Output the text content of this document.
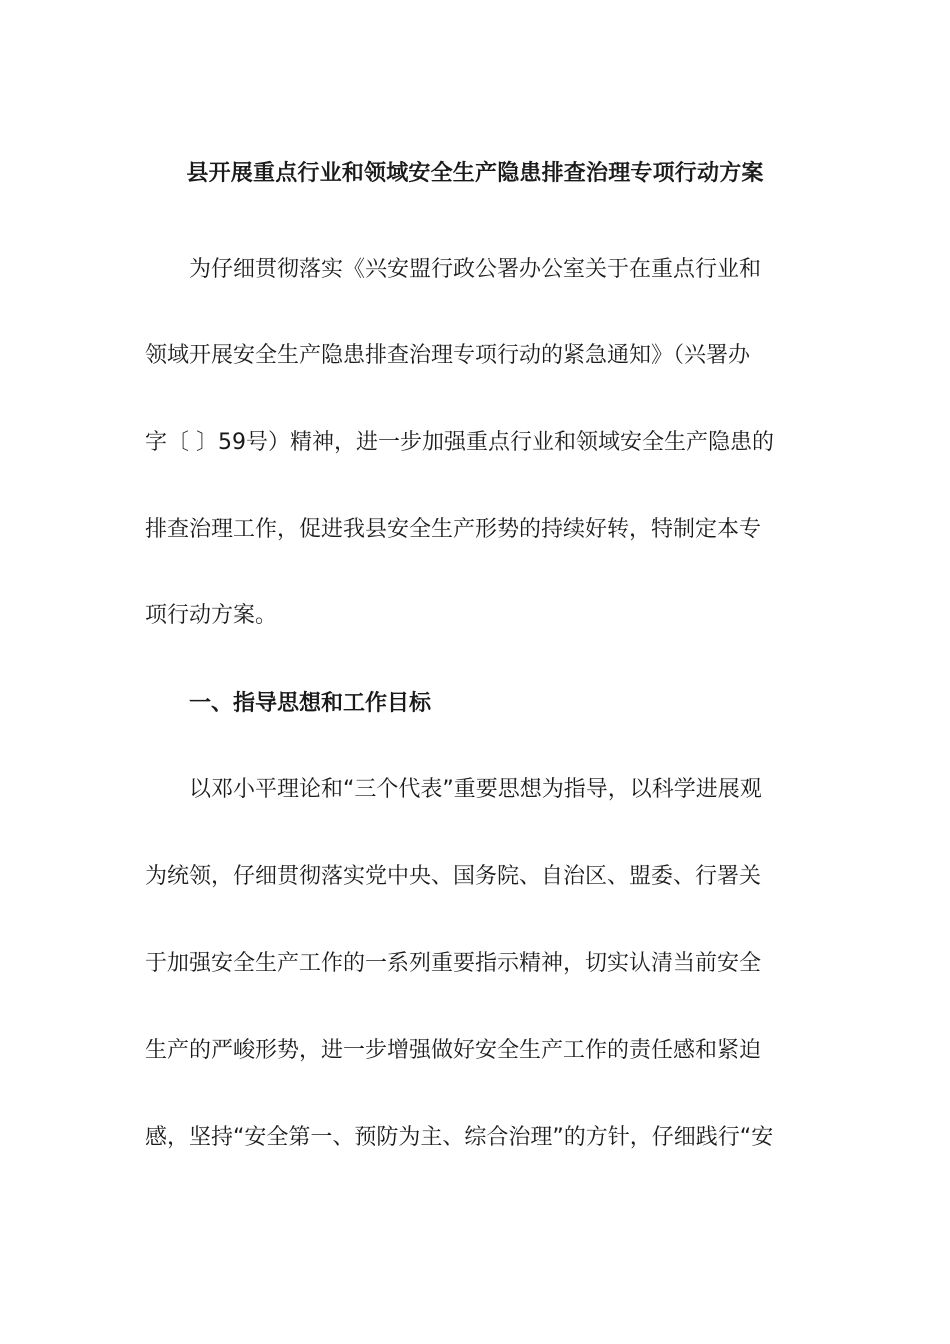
县开展重点行业和领域安全生产隐患排查治理专项行动方案
为仔细贯彻落实《兴安盟行政公署办公室关于在重点行业和
领域开展安全生产隐患排查治理专项行动的紧急通知》（兴署办
字〔 〕59号）精神，进一步加强重点行业和领域安全生产隐患的
排查治理工作，促进我县安全生产形势的持续好转，特制定本专
项行动方案。
一、指导思想和工作目标
以邓小平理论和“三个代表”重要思想为指导，以科学进展观
为统领，仔细贯彻落实党中央、国务院、自治区、盟委、行署关
于加强安全生产工作的一系列重要指示精神，切实认清当前安全
生产的严峻形势，进一步增强做好安全生产工作的责任感和紧迫
感，坚持“安全第一、预防为主、综合治理”的方针，仔细践行“安
